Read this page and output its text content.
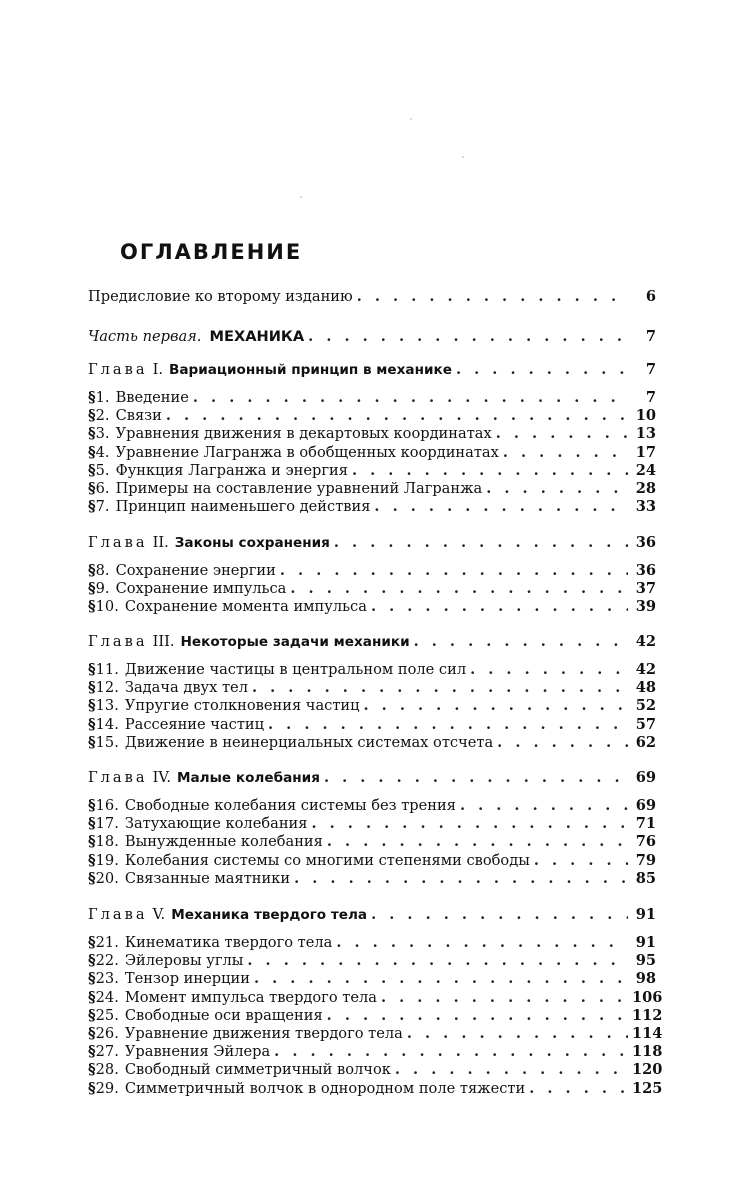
ОГЛАВЛЕНИЕ
Предисловие ко второму изданию . . .	6
Часть первая. МЕХАНИКА . . .	7
Глава I. Вариационный принцип в механике . . .	7
§ 1. Введение . . .	7
§ 2. Связи . . .	10
§ 3. Уравнения движения в декартовых координатах . . .	13
§ 4. Уравнение Лагранжа в обобщенных координатах . . .	17
§ 5. Функция Лагранжа и энергия . . .	24
§ 6. Примеры на составление уравнений Лагранжа . . .	28
§ 7. Принцип наименьшего действия . . .	33
Глава II. Законы сохранения . . .	36
§ 8. Сохранение энергии . . .	36
§ 9. Сохранение импульса . . .	37
§ 10. Сохранение момента импульса . . .	39
Глава III. Некоторые задачи механики . . .	42
§ 11. Движение частицы в центральном поле сил . . .	42
§ 12. Задача двух тел . . .	48
§ 13. Упругие столкновения частиц . . .	52
§ 14. Рассеяние частиц . . .	57
§ 15. Движение в неинерциальных системах отсчета . . .	62
Глава IV. Малые колебания . . .	69
§ 16. Свободные колебания системы без трения . . .	69
§ 17. Затухающие колебания . . .	71
§ 18. Вынужденные колебания . . .	76
§ 19. Колебания системы со многими степенями свободы . . .	79
§ 20. Связанные маятники . . .	85
Глава V. Механика твердого тела . . .	91
§ 21. Кинематика твердого тела . . .	91
§ 22. Эйлеровы углы . . .	95
§ 23. Тензор инерции . . .	98
§ 24. Момент импульса твердого тела . . .	106
§ 25. Свободные оси вращения . . .	112
§ 26. Уравнение движения твердого тела . . .	114
§ 27. Уравнения Эйлера . . .	118
§ 28. Свободный симметричный волчок . . .	120
§ 29. Симметричный волчок в однородном поле тяжести . . .	125
